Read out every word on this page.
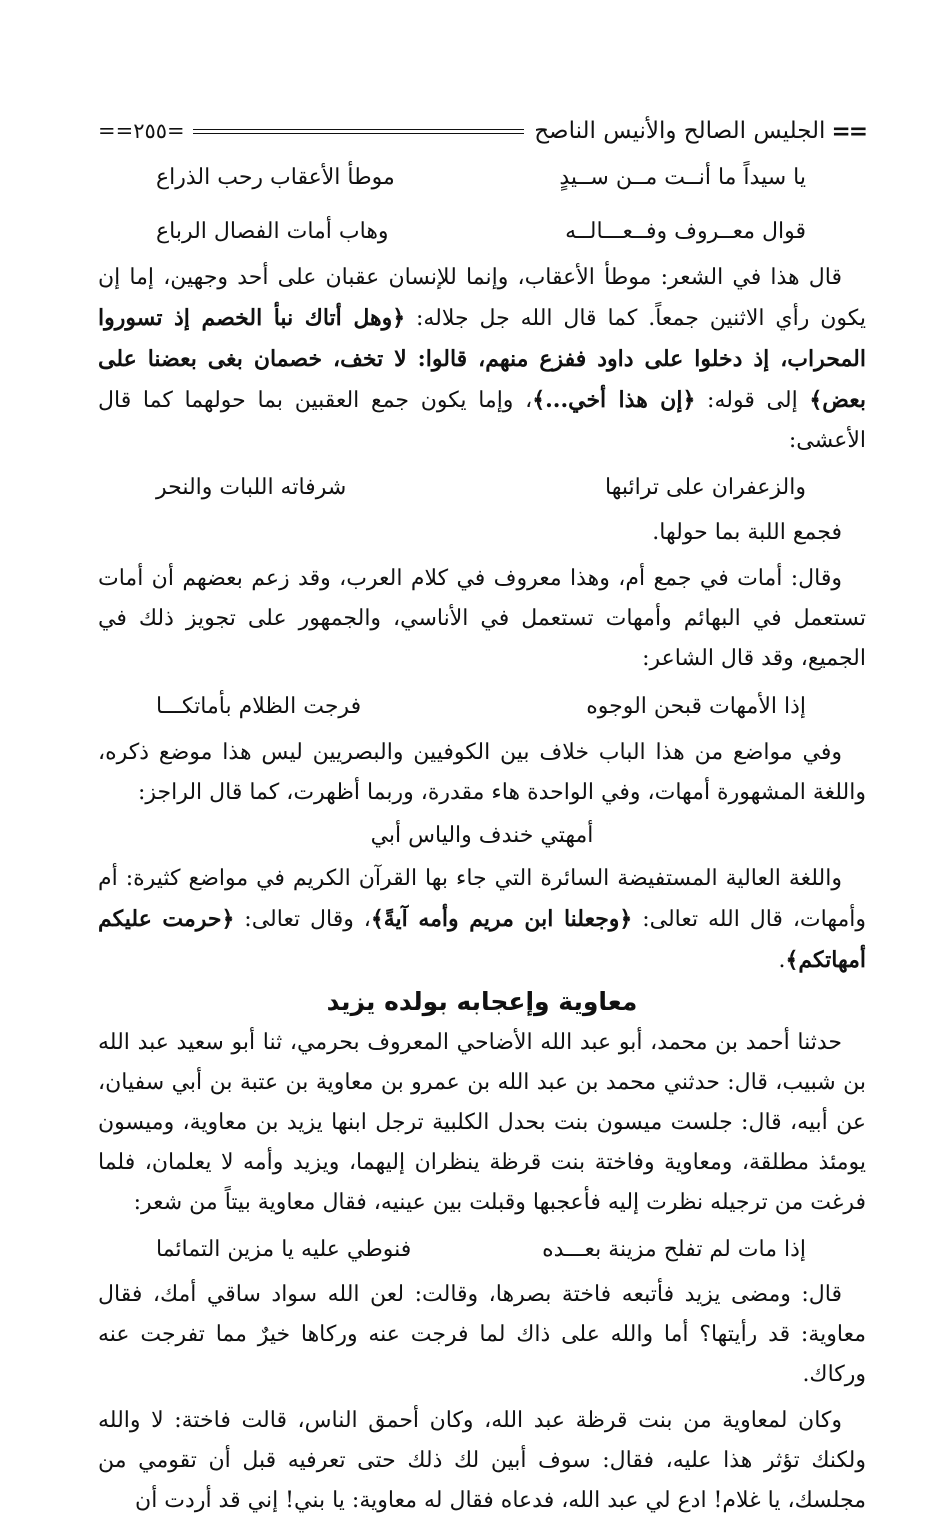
==
الجليس الصالح والأنيس الناصح
=٢٥٥==
يا سيداً ما أنــت مــن ســيدٍ
موطأ الأعقاب رحب الذراع
قوال معــروف وفــعـــالــه
وهاب أمات الفصال الرباع

قال هذا في الشعر: موطأ الأعقاب، وإنما للإنسان عقبان على أحد وجهين، إما إن يكون رأي الاثنين جمعاً. كما قال الله جل جلاله: ﴿وهل أتاك نبأ الخصم إذ تسوروا المحراب، إذ دخلوا على داود ففزع منهم، قالوا: لا تخف، خصمان بغى بعضنا على بعض﴾ إلى قوله: ﴿إن هذا أخي...﴾، وإما يكون جمع العقبين بما حولهما كما قال الأعشى:

والزعفران على ترائبها
شرفاته اللبات والنحر

فجمع اللبة بما حولها.

وقال: أمات في جمع أم، وهذا معروف في كلام العرب، وقد زعم بعضهم أن أمات تستعمل في البهائم وأمهات تستعمل في الأناسي، والجمهور على تجويز ذلك في الجميع، وقد قال الشاعر:

إذا الأمهات قبحن الوجوه
فرجت الظلام بأماتكـــا

وفي مواضع من هذا الباب خلاف بين الكوفيين والبصريين ليس هذا موضع ذكره، واللغة المشهورة أمهات، وفي الواحدة هاء مقدرة، وربما أظهرت، كما قال الراجز:

أمهتي خندف والياس أبي

واللغة العالية المستفيضة السائرة التي جاء بها القرآن الكريم في مواضع كثيرة: أم وأمهات، قال الله تعالى: ﴿وجعلنا ابن مريم وأمه آيةً﴾، وقال تعالى: ﴿حرمت عليكم أمهاتكم﴾.

معاوية وإعجابه بولده يزيد

حدثنا أحمد بن محمد، أبو عبد الله الأضاحي المعروف بحرمي، ثنا أبو سعيد عبد الله بن شبيب، قال: حدثني محمد بن عبد الله بن عمرو بن معاوية بن عتبة بن أبي سفيان، عن أبيه، قال: جلست ميسون بنت بحدل الكلبية ترجل ابنها يزيد بن معاوية، وميسون يومئذ مطلقة، ومعاوية وفاختة بنت قرظة ينظران إليهما، ويزيد وأمه لا يعلمان، فلما فرغت من ترجيله نظرت إليه فأعجبها وقبلت بين عينيه، فقال معاوية بيتاً من شعر:

إذا مات لم تفلح مزينة بعـــده
فنوطي عليه يا مزين التمائما

قال: ومضى يزيد فأتبعه فاختة بصرها، وقالت: لعن الله سواد ساقي أمك، فقال معاوية: قد رأيتها؟ أما والله على ذاك لما فرجت عنه وركاها خيرٌ مما تفرجت عنه وركاك.

وكان لمعاوية من بنت قرظة عبد الله، وكان أحمق الناس، قالت فاختة: لا والله ولكنك تؤثر هذا عليه، فقال: سوف أبين لك ذلك حتى تعرفيه قبل أن تقومي من مجلسك، يا غلام! ادع لي عبد الله، فدعاه فقال له معاوية: يا بني! إني قد أردت أن
